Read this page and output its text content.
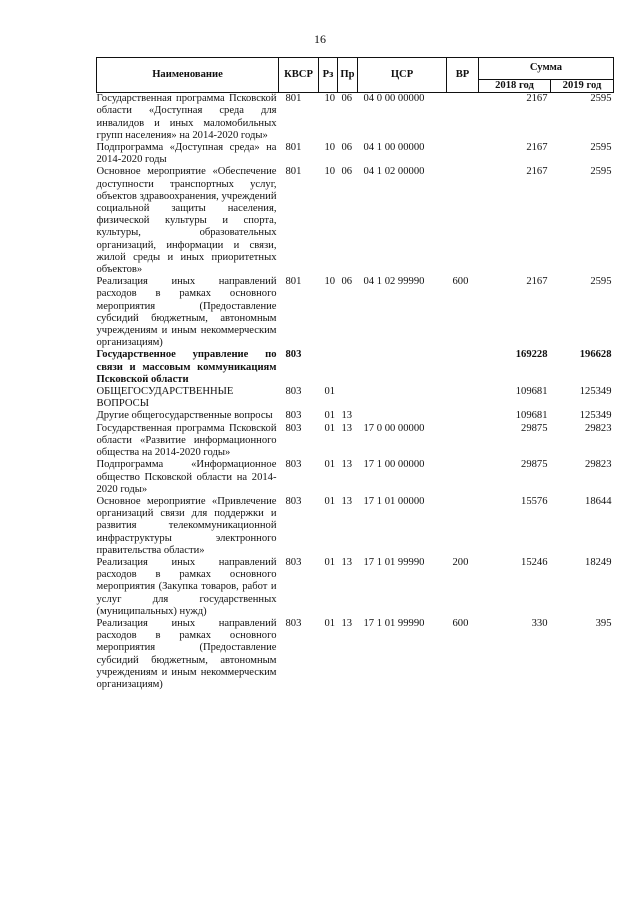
16
Наименование	КВСР	Рз	Пр	ЦСР	ВР	Сумма	
						2018 год	2019 год
Государственная программа Псковской области «Доступная среда для инвалидов и иных маломобильных групп населения» на 2014-2020 годы»	801	10	06	04 0 00 00000		2167	2595
Подпрограмма «Доступная среда» на 2014-2020 годы	801	10	06	04 1 00 00000		2167	2595
Основное мероприятие «Обеспечение доступности транспортных услуг, объектов здравоохранения, учреждений социальной защиты населения, физической культуры и спорта, культуры, образовательных организаций, информации и связи, жилой среды и иных приоритетных объектов»	801	10	06	04 1 02 00000		2167	2595
Реализация иных направлений расходов в рамках основного мероприятия (Предоставление субсидий бюджетным, автономным учреждениям и иным некоммерческим организациям)	801	10	06	04 1 02 99990	600	2167	2595
Государственное управление по связи и массовым коммуникациям Псковской области	803					169228	196628
ОБЩЕГОСУДАРСТВЕННЫЕ ВОПРОСЫ	803	01				109681	125349
Другие общегосударственные вопросы	803	01	13			109681	125349
Государственная программа Псковской области «Развитие информационного общества на 2014-2020 годы»	803	01	13	17 0 00 00000		29875	29823
Подпрограмма «Информационное общество Псковской области на 2014-2020 годы»	803	01	13	17 1 00 00000		29875	29823
Основное мероприятие «Привлечение организаций связи для поддержки и развития телекоммуникационной инфраструктуры электронного правительства области»	803	01	13	17 1 01 00000		15576	18644
Реализация иных направлений расходов в рамках основного мероприятия (Закупка товаров, работ и услуг для государственных (муниципальных) нужд)	803	01	13	17 1 01 99990	200	15246	18249
Реализация иных направлений расходов в рамках основного мероприятия (Предоставление субсидий бюджетным, автономным учреждениям и иным некоммерческим организациям)	803	01	13	17 1 01 99990	600	330	395
